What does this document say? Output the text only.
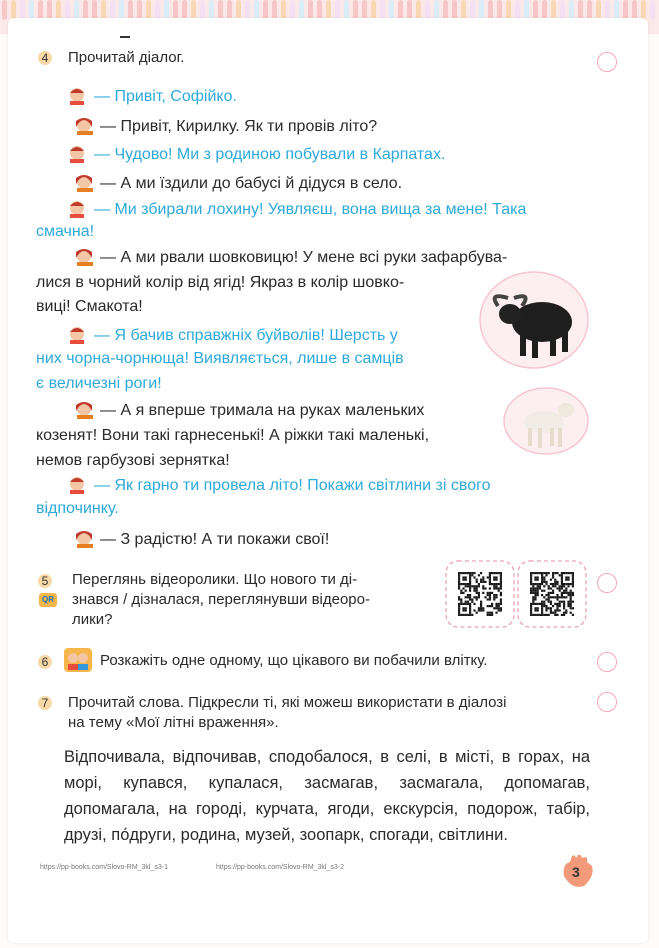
4 Прочитай діалог.
— Привіт, Софійко.
— Привіт, Кирилку. Як ти провів літо?
— Чудово! Ми з родиною побували в Карпатах.
— А ми їздили до бабусі й дідуся в село.
— Ми збирали лохину! Уявляєш, вона вища за мене! Така
смачна!
— А ми рвали шовковицю! У мене всі руки зафарбува-
лися в чорний колір від ягід! Якраз в колір шовко-
виці! Смакота!
— Я бачив справжніх буйволів! Шерсть у
них чорна-чорнюща! Виявляється, лише в самців
є величезні роги!
— А я вперше тримала на руках маленьких
козенят! Вони такі гарнесенькі! А ріжки такі маленькі,
немов гарбузові зернятка!
— Як гарно ти провела літо! Покажи світлини зі свого
відпочинку.
— З радістю! А ти покажи свої!
5
QR
Переглянь відеоролики. Що нового ти ді-
знався / дізналася, переглянувши відеоро-
лики?
6	Розкажіть одне одному, що цікавого ви побачили влітку.
7 Прочитай слова. Підкресли ті, які можеш використати в діалозі
на тему «Мої літні враження».
Відпочивала, відпочивав, сподобалося, в селі, в місті, в горах, на морі, купався, купалася, засмагав, засмагала, допомагав, допомагала, на городі, курчата, ягоди, екскурсія, подорож, табір, друзі, по́други, родина, музей, зоопарк, спогади, світлини.
https://pp-books.com/Slovo-RM_3kl_s3-1	https://pp-books.com/Slovo-RM_3kl_s3-2	3
